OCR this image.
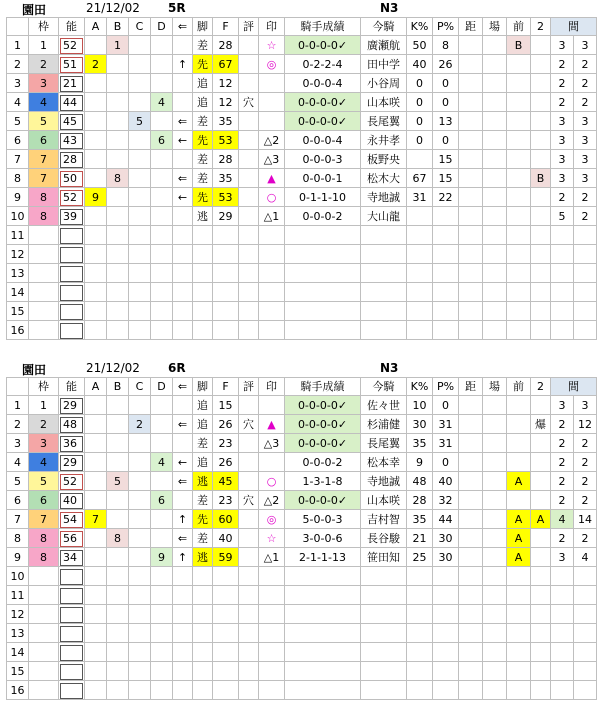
園田	21/12/02 5R	N3
	枠	能	A	B	C	D	⇐	脚	F	評	印	騎手成績	今騎	K%	P%	距	場	前	2	間	
1	1	52		1				差	28		☆	0-0-0-0✓	廣瀬航	50	8			B		3	3
2	2	51	2				↑	先	67		◎	0-2-2-4	田中学	40	26					2	2
3	3	21						追	12			0-0-0-4	小谷周	0	0					2	2
4	4	44				4		追	12	穴		0-0-0-0✓	山本咲	0	0					2	2
5	5	45			5		⇐	差	35			0-0-0-0✓	長尾翼	0	13					3	3
6	6	43				6	←	先	53		△2	0-0-0-4	永井孝	0	0					3	3
7	7	28						差	28		△3	0-0-0-3	板野央		15					3	3
8	7	50		8			⇐	差	35		▲	0-0-0-1	松木大	67	15				B	3	3
9	8	52	9				←	先	53		○	0-1-1-10	寺地誠	31	22					2	2
10	8	39						逃	29		△1	0-0-0-2	大山龍							5	2
11																					
12																					
13																					
14																					
15																					
16																					
園田	21/12/02 6R	N3
	枠	能	A	B	C	D	⇐	脚	F	評	印	騎手成績	今騎	K%	P%	距	場	前	2	間	
1	1	29						追	15			0-0-0-0✓	佐々世	10	0					3	3
2	2	48			2		⇐	追	26	穴	▲	0-0-0-0✓	杉浦健	30	31				爆	2	12
3	3	36						差	23		△3	0-0-0-0✓	長尾翼	35	31					2	2
4	4	29				4	←	追	26			0-0-0-2	松本幸	9	0					2	2
5	5	52		5			⇐	逃	45		○	1-3-1-8	寺地誠	48	40			A		2	2
6	6	40				6		差	23	穴	△2	0-0-0-0✓	山本咲	28	32					2	2
7	7	54	7				↑	先	60		◎	5-0-0-3	吉村智	35	44			A	A	4	14
8	8	56		8			⇐	差	40		☆	3-0-0-6	長谷駿	21	30			A		2	2
9	8	34				9	↑	逃	59		△1	2-1-1-13	笹田知	25	30			A		3	4
10																					
11																					
12																					
13																					
14																					
15																					
16																					
